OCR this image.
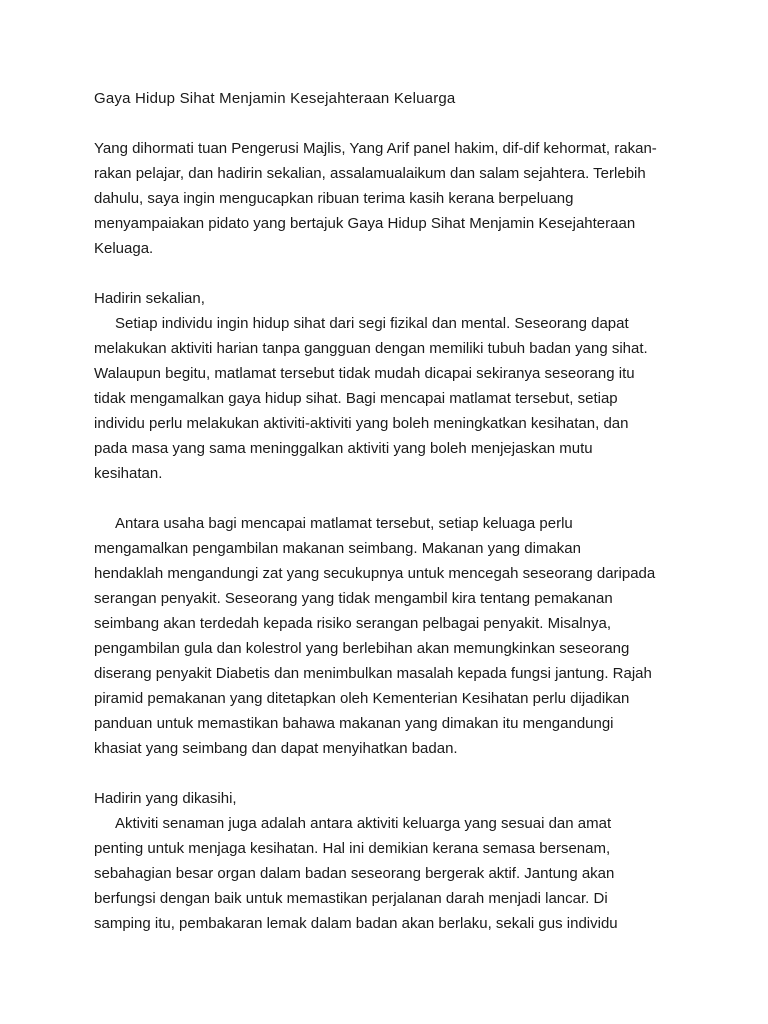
Gaya Hidup Sihat Menjamin Kesejahteraan Keluarga
Yang dihormati tuan Pengerusi Majlis, Yang Arif panel hakim, dif-dif kehormat, rakan-
rakan pelajar, dan hadirin sekalian, assalamualaikum dan salam sejahtera. Terlebih
dahulu, saya ingin mengucapkan ribuan terima kasih kerana berpeluang
menyampaiakan pidato yang bertajuk Gaya Hidup Sihat Menjamin Kesejahteraan
Keluaga.
Hadirin sekalian,
Setiap individu ingin hidup sihat dari segi fizikal dan mental. Seseorang dapat
melakukan aktiviti harian tanpa gangguan dengan memiliki tubuh badan yang sihat.
Walaupun begitu, matlamat tersebut tidak mudah dicapai sekiranya seseorang itu
tidak mengamalkan gaya hidup sihat. Bagi mencapai matlamat tersebut, setiap
individu perlu melakukan aktiviti-aktiviti yang boleh meningkatkan kesihatan, dan
pada masa yang sama meninggalkan aktiviti yang boleh menjejaskan mutu
kesihatan.
Antara usaha bagi mencapai matlamat tersebut, setiap keluaga perlu
mengamalkan pengambilan makanan seimbang. Makanan yang dimakan
hendaklah mengandungi zat yang secukupnya untuk mencegah seseorang daripada
serangan penyakit. Seseorang yang tidak mengambil kira tentang pemakanan
seimbang akan terdedah kepada risiko serangan pelbagai penyakit. Misalnya,
pengambilan gula dan kolestrol yang berlebihan akan memungkinkan seseorang
diserang penyakit Diabetis dan menimbulkan masalah kepada fungsi jantung. Rajah
piramid pemakanan yang ditetapkan oleh Kementerian Kesihatan perlu dijadikan
panduan untuk memastikan bahawa makanan yang dimakan itu mengandungi
khasiat yang seimbang dan dapat menyihatkan badan.
Hadirin yang dikasihi,
Aktiviti senaman juga adalah antara aktiviti keluarga yang sesuai dan amat
penting untuk menjaga kesihatan. Hal ini demikian kerana semasa bersenam,
sebahagian besar organ dalam badan seseorang bergerak aktif. Jantung akan
berfungsi dengan baik untuk memastikan perjalanan darah menjadi lancar. Di
samping itu, pembakaran lemak dalam badan akan berlaku, sekali gus individu
